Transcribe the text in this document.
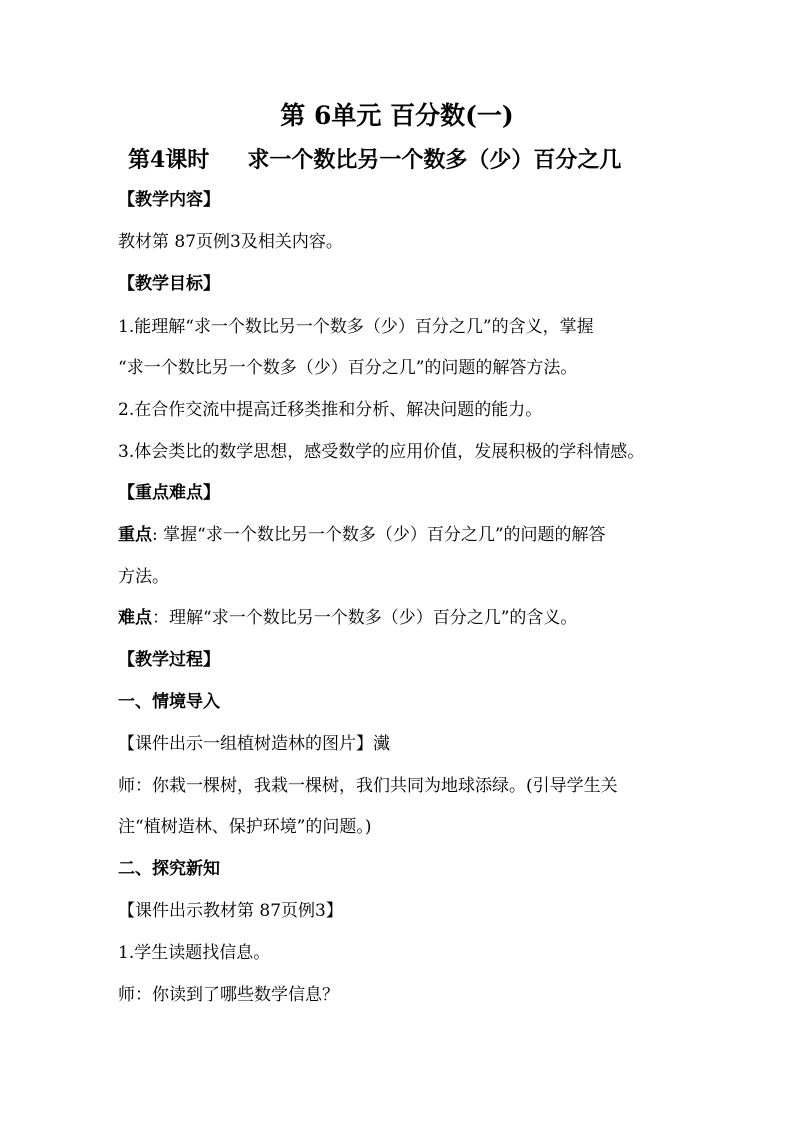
第 6单元 百分数(一)
第4课时 求一个数比另一个数多（少）百分之几
【教学内容】
教材第 87页例3及相关内容。
【教学目标】
1.能理解“求一个数比另一个数多（少）百分之几”的含义，掌握
“求一个数比另一个数多（少）百分之几”的问题的解答方法。
2.在合作交流中提高迁移类推和分析、解决问题的能力。
3.体会类比的数学思想，感受数学的应用价值，发展积极的学科情感。
【重点难点】
重点: 掌握“求一个数比另一个数多（少）百分之几”的问题的解答
方法。
难点：理解“求一个数比另一个数多（少）百分之几”的含义。
【教学过程】
一、情境导入
【课件出示一组植树造林的图片】瀻
师：你栽一棵树，我栽一棵树，我们共同为地球添绿。(引导学生关
注“植树造林、保护环境”的问题。)
二、探究新知
【课件出示教材第 87页例3】
1.学生读题找信息。
师：你读到了哪些数学信息？
